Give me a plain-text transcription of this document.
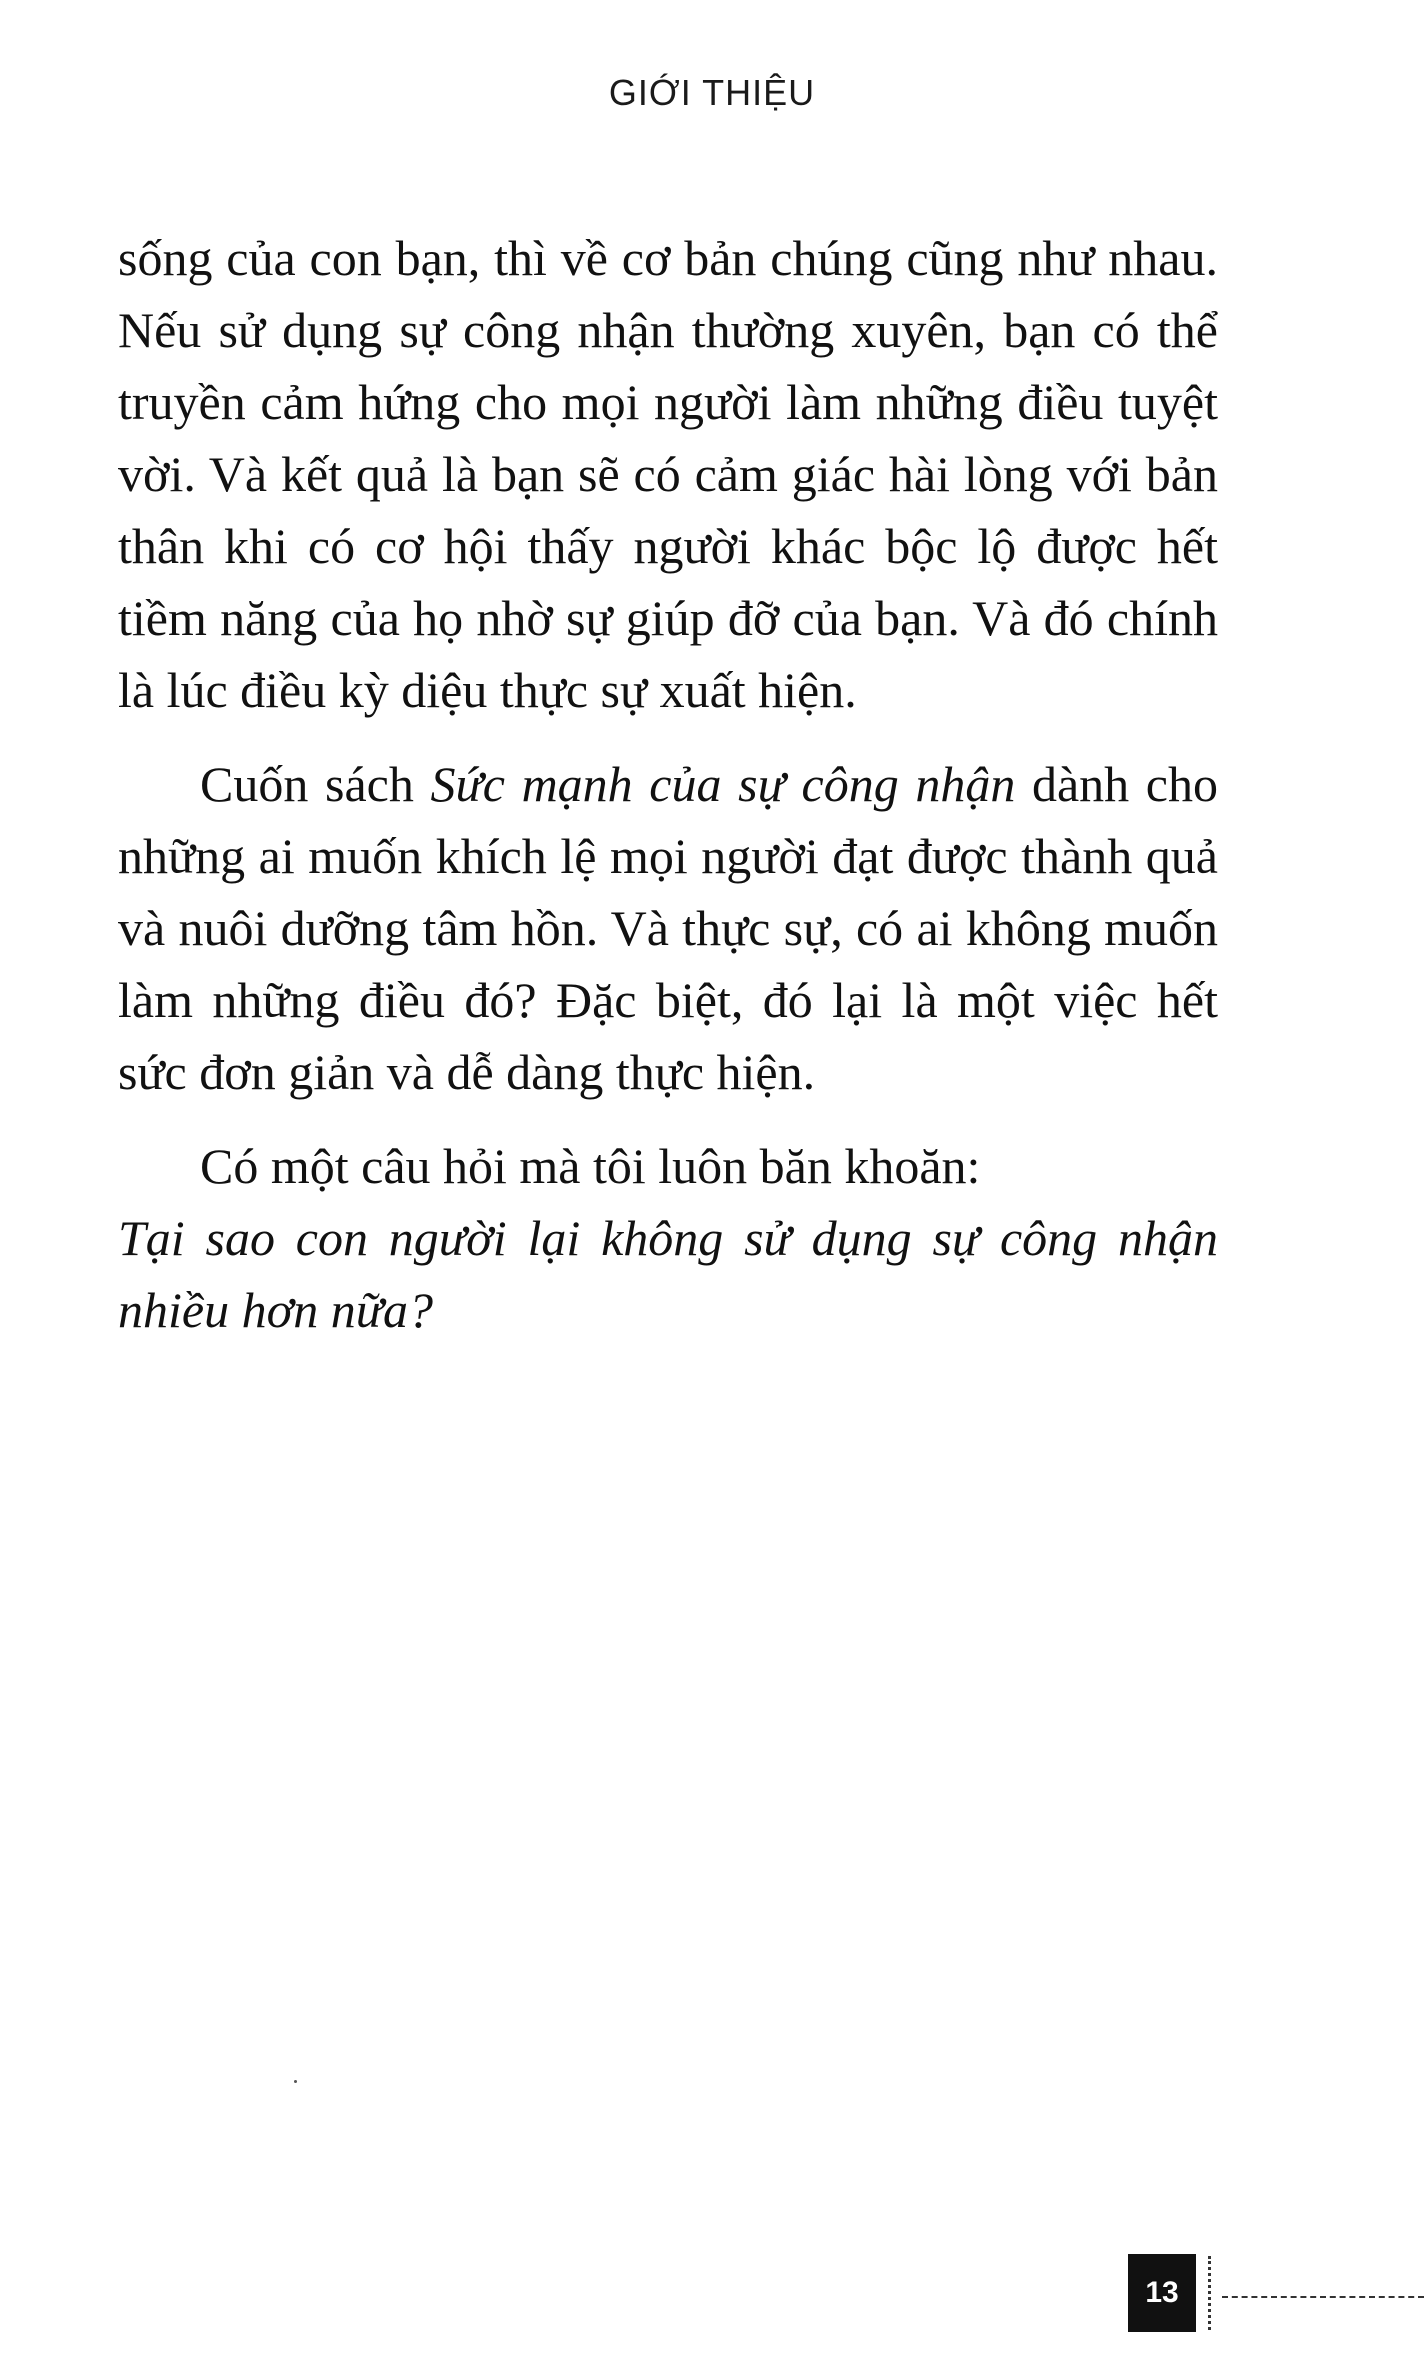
GIỚI THIỆU

sống của con bạn, thì về cơ bản chúng cũng như nhau. Nếu sử dụng sự công nhận thường xuyên, bạn có thể truyền cảm hứng cho mọi người làm những điều tuyệt vời. Và kết quả là bạn sẽ có cảm giác hài lòng với bản thân khi có cơ hội thấy người khác bộc lộ được hết tiềm năng của họ nhờ sự giúp đỡ của bạn. Và đó chính là lúc điều kỳ diệu thực sự xuất hiện.

Cuốn sách Sức mạnh của sự công nhận dành cho những ai muốn khích lệ mọi người đạt được thành quả và nuôi dưỡng tâm hồn. Và thực sự, có ai không muốn làm những điều đó? Đặc biệt, đó lại là một việc hết sức đơn giản và dễ dàng thực hiện.

Có một câu hỏi mà tôi luôn băn khoăn:
Tại sao con người lại không sử dụng sự công nhận nhiều hơn nữa?

13
